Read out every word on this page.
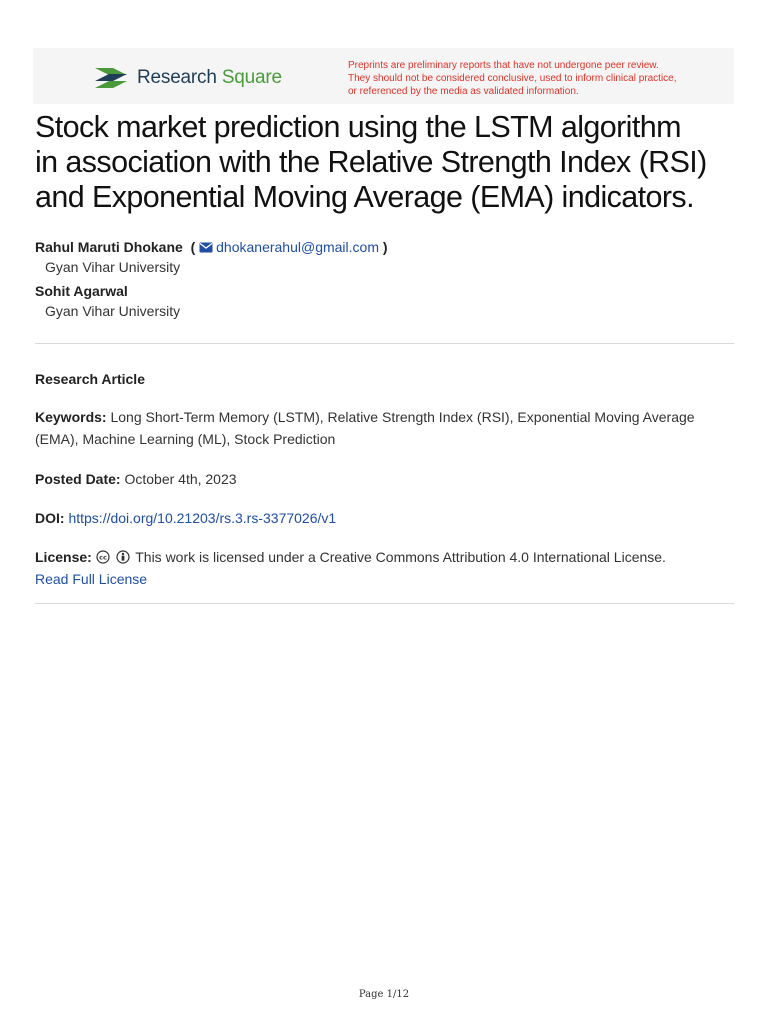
Research Square
Preprints are preliminary reports that have not undergone peer review.
They should not be considered conclusive, used to inform clinical practice,
or referenced by the media as validated information.
Stock market prediction using the LSTM algorithm
in association with the Relative Strength Index (RSI)
and Exponential Moving Average (EMA) indicators.
Rahul Maruti Dhokane  ( dhokanerahul@gmail.com )
Gyan Vihar University
Sohit Agarwal
Gyan Vihar University
Research Article
Keywords: Long Short-Term Memory (LSTM), Relative Strength Index (RSI), Exponential Moving Average (EMA), Machine Learning (ML), Stock Prediction
Posted Date: October 4th, 2023
DOI: https://doi.org/10.21203/rs.3.rs-3377026/v1
License: cc This work is licensed under a Creative Commons Attribution 4.0 International License.
Read Full License
Page 1/12
